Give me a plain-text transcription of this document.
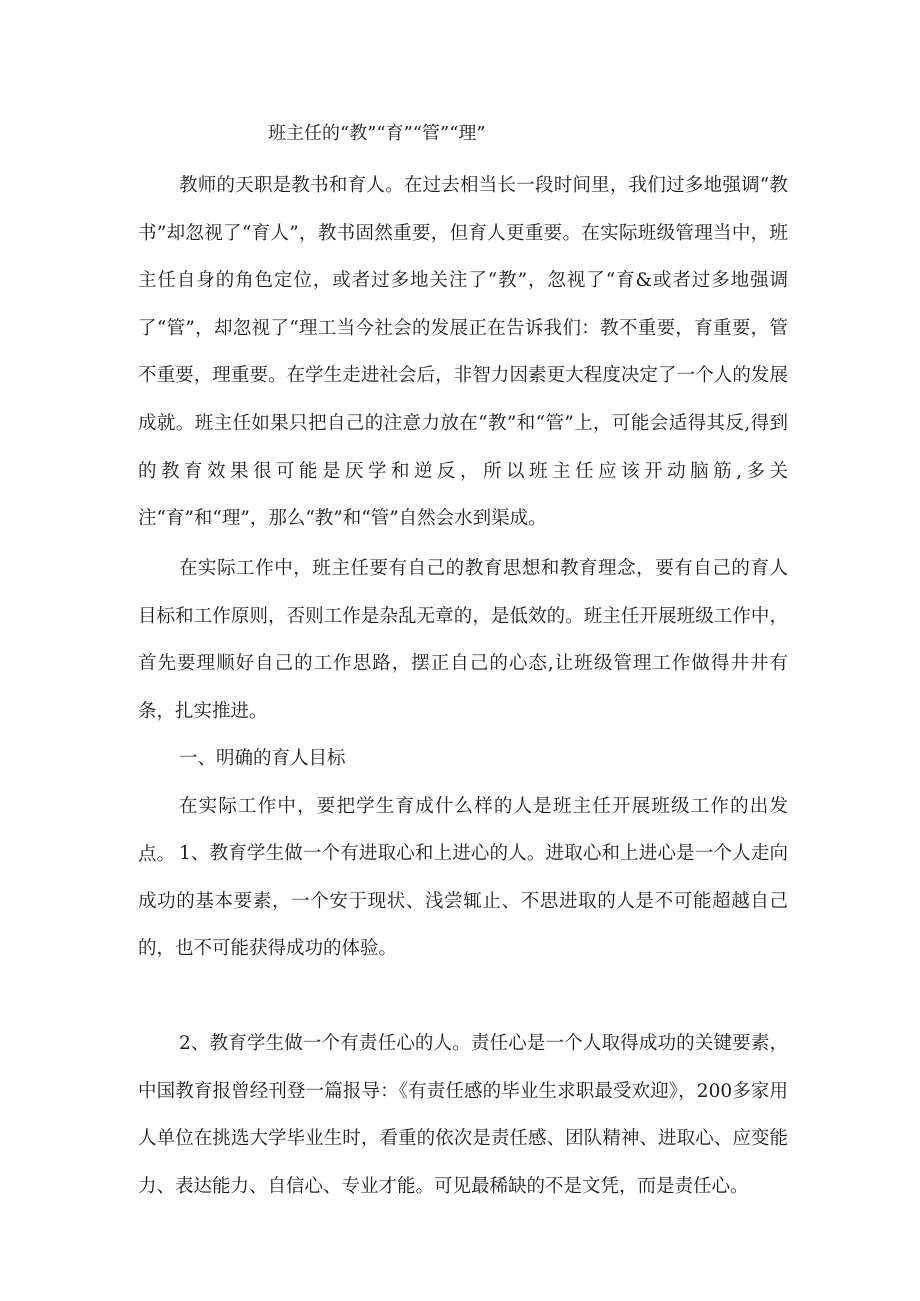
班主任的“教”“育”“管”“理”

教师的天职是教书和育人。在过去相当长一段时间里，我们过多地强调“教书”却忽视了“育人”，教书固然重要，但育人更重要。在实际班级管理当中，班主任自身的角色定位，或者过多地关注了“教”，忽视了“育&或者过多地强调了“管”，却忽视了“理工当今社会的发展正在告诉我们：教不重要，育重要，管不重要，理重要。在学生走进社会后，非智力因素更大程度决定了一个人的发展成就。班主任如果只把自己的注意力放在“教”和“管”上，可能会适得其反,得到的教育效果很可能是厌学和逆反，所以班主任应该开动脑筋,多关注“育”和“理”，那么“教”和“管”自然会水到渠成。

在实际工作中，班主任要有自己的教育思想和教育理念，要有自己的育人目标和工作原则，否则工作是杂乱无章的，是低效的。班主任开展班级工作中，首先要理顺好自己的工作思路，摆正自己的心态,让班级管理工作做得井井有条，扎实推进。

一、明确的育人目标

在实际工作中，要把学生育成什么样的人是班主任开展班级工作的出发点。 1、教育学生做一个有进取心和上进心的人。进取心和上进心是一个人走向成功的基本要素，一个安于现状、浅尝辄止、不思进取的人是不可能超越自己的，也不可能获得成功的体验。

2、教育学生做一个有责任心的人。责任心是一个人取得成功的关键要素，中国教育报曾经刊登一篇报导：《有责任感的毕业生求职最受欢迎》，200多家用人单位在挑选大学毕业生时，看重的依次是责任感、团队精神、进取心、应变能力、表达能力、自信心、专业才能。可见最稀缺的不是文凭，而是责任心。
